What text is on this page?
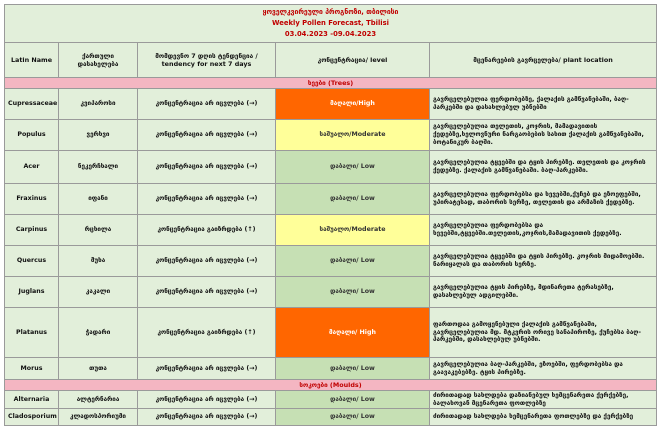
ყოველკვირეული პროგნოზი, თბილისი
Weekly Pollen Forecast, Tbilisi
03.04.2023 -09.04.2023				

Latin Name	ქართული დასახელება	მომდევნო 7 დღის ტენდენცია / tendency for next 7 days	კონცენტრაცია/ level	მცენარეების გავრცელება/ plant location
ხეები (Trees)				
Cupressaceae	კვიპაროსი	კონცენტრაცია არ იცვლება (→)	მაღალი/High	გავრცელებულია ფერდობებზე, ქალაქის გამწვანებაში, ბაღ-პარკებში და დასახლებულ უბნებში
Populus	ვერხვი	კონცენტრაცია არ იცვლება (→)	საშუალო/Moderate	გავრცელებულია თელეთის, კოჯრის, მამადავითის ქედებზე,ხელოვნური ნარგაობების სახით ქალაქის გამწვანებაში, ბოტანიკურ ბაღში.
Acer	ნეკერჩხალი	კონცენტრაცია არ იცვლება (→)	დაბალი/ Low	გავრცელებულია ტყეებში და ტყის პირებზე. თელეთის და კოჯრის ქედებზე. ქალაქის გამწვანებაში. ბაღ-პარკებში.
Fraxinus	იფანი	კონცენტრაცია არ იცვლება (→)	დაბალი/ Low	გავრცელებულია ფერდობებსა და ხევებში,ქუჩებ და ეზოეფებში, უპირატესად, თაბორის სერზე, თელეთის და არმაზის ქედებზე.
Carpinus	რცხილა	კონცენტრაცია გაიზრდება (↑)	საშუალო/Moderate	გავრცელებულია ფერდობებსა და ხევებში,ტყეებში.თელეთის,კოჯრის,მამადავითის ქედებზე.
Quercus	მუხა	კონცენტრაცია არ იცვლება (→)	დაბალი/ Low	გავრცელებულია ტყეებში და ტყის პირებზე. კოჯრის მიდამოებში. ნარიყალას და თაბორის სერზე.
Juglans	კაკალი	კონცენტრაცია არ იცვლება (→)	დაბალი/ Low	გავრცელებულია ტყის პირებზე, მდინარეთა ტერასებზე, დასახლებულ ადგილებში.
Platanus	ჭადარი	კონცენტრაცია გაიზრდება (↑)	მაღალი/ High	ფართოდაა გამოყენებული ქალაქის გამწვანებაში, გავრცელებულია მდ. მტკვრის ორივე სანაპიროზე, ქუჩებსა ბაღ-პარკებში, დასახლებულ უბნებში.
Morus	თუთა	კონცენტრაცია არ იცვლება (→)	დაბალი/ Low	გავრცელებულია ბაღ-პარკებში, ეზოებში, ფერდობებსა და გაავაკებებზე. ტყის პირებზე.
სოკოები (Moulds)				
Alternaria	ალტერნარია	კონცენტრაცია არ იცვლება (→)	დაბალი/ Low	ძირითადად სახლდება დაზიანებულ ხემცენარეთა ქერქებზე, ბალახოვან მცენარეთა ფოთლებზე
Cladosporium	კლადოსპორიუმი	კონცენტრაცია არ იცვლება (→)	დაბალი/ Low	ძირითადად სახლდება ხემცენარეთა ფოთლებზე და ქერქებზე
